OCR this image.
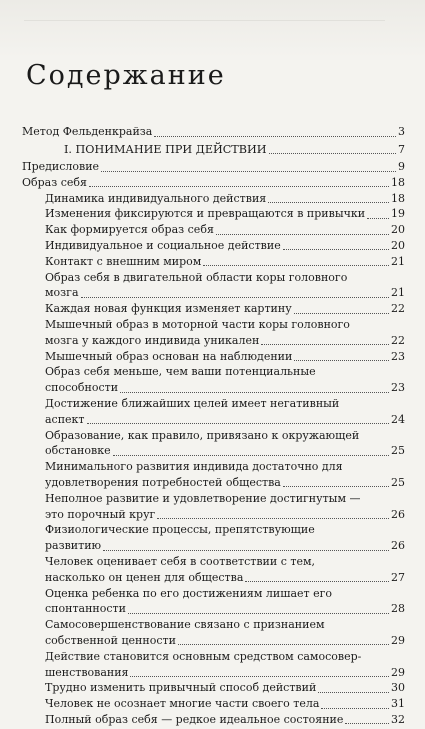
Содержание
Метод Фельденкрайза	3
I. ПОНИМАНИЕ ПРИ ДЕЙСТВИИ	7
Предисловие	9
Образ себя	18
Динамика индивидуального действия	18
Изменения фиксируются и превращаются в привычки 19
Как формируется образ себя	20
Индивидуальное и социальное действие	20
Контакт с внешним миром	21
Образ себя в двигательной области коры головного
мозга	21
Каждая новая функция изменяет картину	22
Мышечный образ в моторной части коры головного
мозга у каждого индивида уникален	22
Мышечный образ основан на наблюдении	23
Образ себя меньше, чем ваши потенциальные
способности	23
Достижение ближайших целей имеет негативный
аспект	24
Образование, как правило, привязано к окружающей
обстановке	25
Минимального развития индивида достаточно для
удовлетворения потребностей общества	25
Неполное развитие и удовлетворение достигнутым —
это порочный круг	26
Физиологические процессы, препятствующие
развитию	26
Человек оценивает себя в соответствии с тем,
насколько он ценен для общества	27
Оценка ребенка по его достижениям лишает его
спонтанности	28
Самосовершенствование связано с признанием
собственной ценности	29
Действие становится основным средством самосовер-
шенствования	29
Трудно изменить привычный способ действий	30
Человек не осознает многие части своего тела	31
Полный образ себя — редкое идеальное состояние	32
